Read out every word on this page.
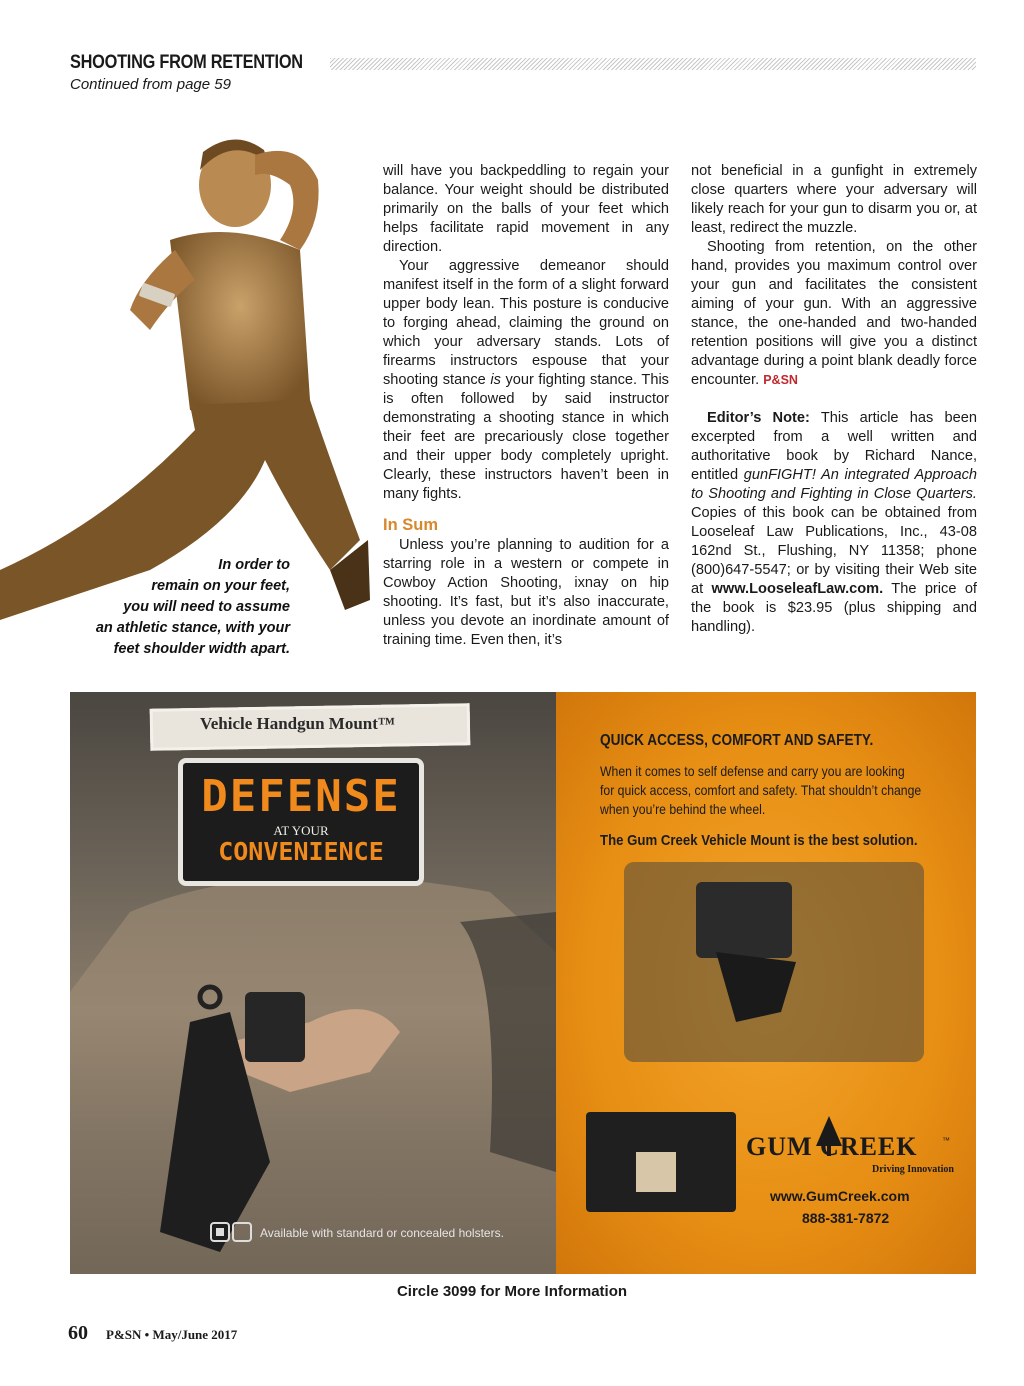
SHOOTING FROM RETENTION
Continued from page 59
In order to
remain on your feet,
you will need to assume
an athletic stance, with your
feet shoulder width apart.

will have you backpeddling to regain your balance. Your weight should be distributed primarily on the balls of your feet which helps facilitate rapid movement in any direction.

Your aggressive demeanor should manifest itself in the form of a slight forward upper body lean. This posture is conducive to forging ahead, claiming the ground on which your adversary stands. Lots of firearms instructors espouse that your shooting stance is your fighting stance. This is often followed by said instructor demonstrating a shooting stance in which their feet are precariously close together and their upper body completely upright. Clearly, these instructors haven’t been in many fights.

In Sum

Unless you’re planning to audition for a starring role in a western or compete in Cowboy Action Shooting, ixnay on hip shooting. It’s fast, but it’s also inaccurate, unless you devote an inordinate amount of training time. Even then, it’s

not beneficial in a gunfight in extremely close quarters where your adversary will likely reach for your gun to disarm you or, at least, redirect the muzzle.

Shooting from retention, on the other hand, provides you maximum control over your gun and facilitates the consistent aiming of your gun. With an aggressive stance, the one-handed and two-handed retention positions will give you a distinct advantage during a point blank deadly force encounter. P&SN

Editor’s Note: This article has been excerpted from a well written and authoritative book by Richard Nance, entitled gunFIGHT! An integrated Approach to Shooting and Fighting in Close Quarters. Copies of this book can be obtained from Looseleaf Law Publications, Inc., 43-08 162nd St., Flushing, NY 11358; phone (800)647-5547; or by visiting their Web site at www.LooseleafLaw.com. The price of the book is $23.95 (plus shipping and handling).

Vehicle Handgun Mount™
DEFENSE
AT YOUR
CONVENIENCE
Available with standard or concealed holsters.
QUICK ACCESS, COMFORT AND SAFETY.
When it comes to self defense and carry you are looking
for quick access, comfort and safety. That shouldn’t change
when you’re behind the wheel.
The Gum Creek Vehicle Mount is the best solution.
GUM CREEK	™
Driving Innovation
www.GumCreek.com
888-381-7872
Circle 3099 for More Information
60 P&SN • May/June 2017
